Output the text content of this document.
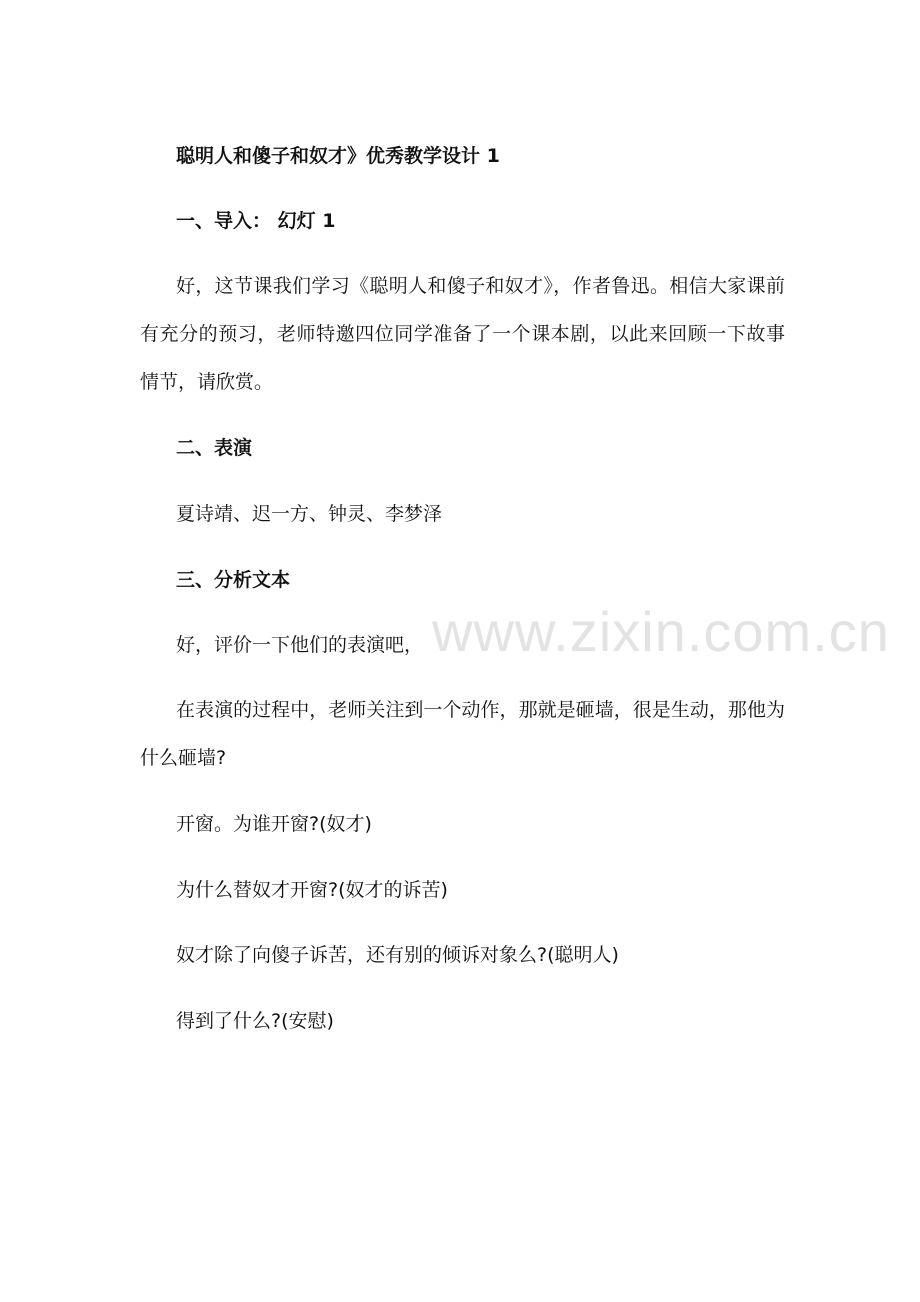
www.zixin.com.cn
聪明人和傻子和奴才》优秀教学设计 1
一、导入： 幻灯 1
好，这节课我们学习《聪明人和傻子和奴才》，作者鲁迅。相信大家课前有充分的预习，老师特邀四位同学准备了一个课本剧，以此来回顾一下故事情节，请欣赏。
二、表演
夏诗靖、迟一方、钟灵、李梦泽
三、分析文本
好，评价一下他们的表演吧，
在表演的过程中，老师关注到一个动作，那就是砸墙，很是生动，那他为什么砸墙?
开窗。为谁开窗?(奴才)
为什么替奴才开窗?(奴才的诉苦)
奴才除了向傻子诉苦，还有别的倾诉对象么?(聪明人)
得到了什么?(安慰)
